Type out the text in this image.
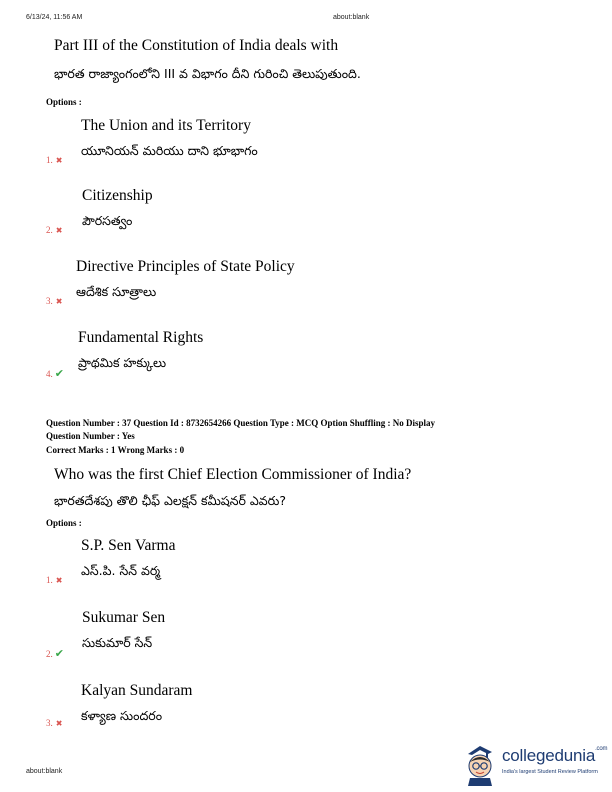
6/13/24, 11:56 AM	about:blank
Part III of the Constitution of India deals with
భారత రాజ్యాంగంలోని III వ విభాగం దీని గురించి తెలుపుతుంది.
Options :
The Union and its Territory
యూనియన్ మరియు దాని భూభాగం
1. ✖
Citizenship
పౌరసత్వం
2. ✖
Directive Principles of State Policy
ఆదేశిక సూత్రాలు
3. ✖
Fundamental Rights
ప్రాథమిక హక్కులు
4. ✔
Question Number : 37 Question Id : 8732654266 Question Type : MCQ Option Shuffling : No Display
Question Number : Yes
Correct Marks : 1 Wrong Marks : 0
Who was the first Chief Election Commissioner of India?
భారతదేశపు తొలి ఛీఫ్ ఎలక్షన్ కమీషనర్ ఎవరు?
Options :
S.P. Sen Varma
ఎస్.పి. సేన్ వర్మ
1. ✖
Sukumar Sen
సుకుమార్ సేన్
2. ✔
Kalyan Sundaram
కళ్యాణ సుందరం
3. ✖
about:blank
collegedunia$^{.com}$
India's largest Student Review Platform
